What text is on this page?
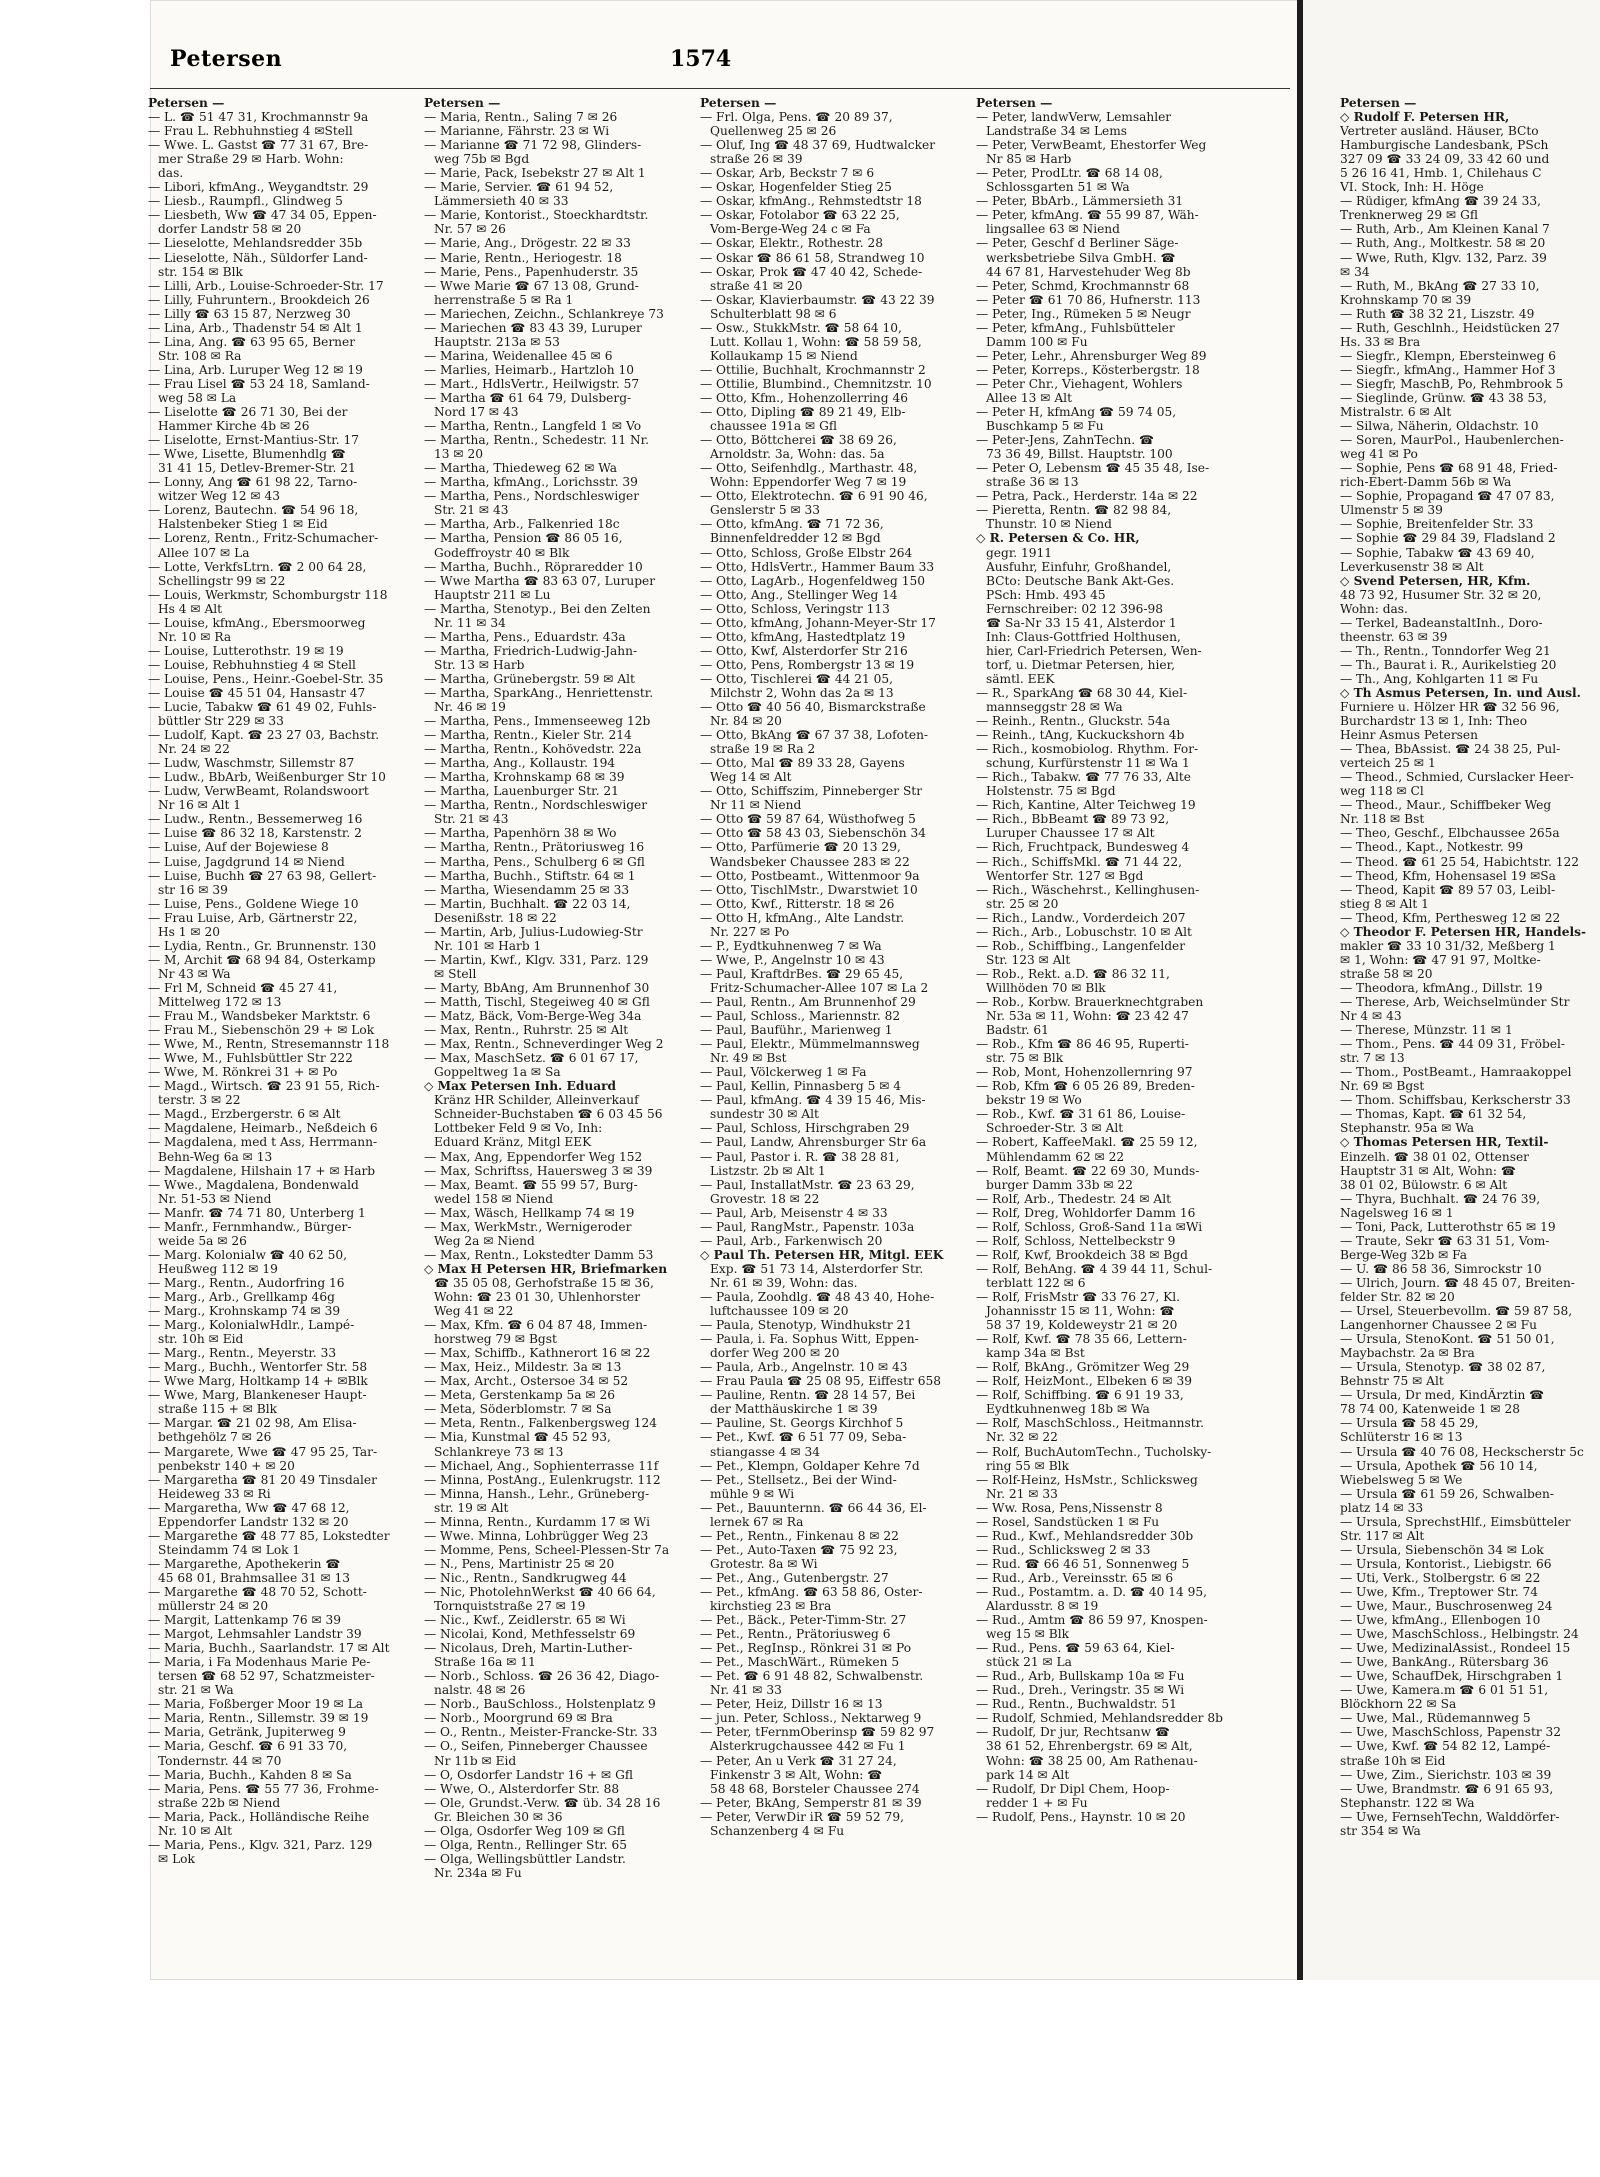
Petersen	1574
Petersen —
— L. ☎ 51 47 31, Krochmannstr 9a
— Frau L. Rebhuhnstieg 4 ✉Stell
— Wwe. L. Gastst ☎ 77 31 67, Bre-
mer Straße 29 ✉ Harb. Wohn:
das.
— Libori, kfmAng., Weygandtstr. 29
— Liesb., Raumpfl., Glindweg 5
— Liesbeth, Ww ☎ 47 34 05, Eppen-
dorfer Landstr 58 ✉ 20
— Lieselotte, Mehlandsredder 35b
— Lieselotte, Näh., Süldorfer Land-
str. 154 ✉ Blk
— Lilli, Arb., Louise-Schroeder-Str. 17
— Lilly, Fuhruntern., Brookdeich 26
— Lilly ☎ 63 15 87, Nerzweg 30
— Lina, Arb., Thadenstr 54 ✉ Alt 1
— Lina, Ang. ☎ 63 95 65, Berner
Str. 108 ✉ Ra
— Lina, Arb. Luruper Weg 12 ✉ 19
— Frau Lisel ☎ 53 24 18, Samland-
weg 58 ✉ La
— Liselotte ☎ 26 71 30, Bei der
Hammer Kirche 4b ✉ 26
— Liselotte, Ernst-Mantius-Str. 17
— Wwe, Lisette, Blumenhdlg ☎
31 41 15, Detlev-Bremer-Str. 21
— Lonny, Ang ☎ 61 98 22, Tarno-
witzer Weg 12 ✉ 43
— Lorenz, Bautechn. ☎ 54 96 18,
Halstenbeker Stieg 1 ✉ Eid
— Lorenz, Rentn., Fritz-Schumacher-
Allee 107 ✉ La
— Lotte, VerkfsLtrn. ☎ 2 00 64 28,
Schellingstr 99 ✉ 22
— Louis, Werkmstr, Schomburgstr 118
Hs 4 ✉ Alt
— Louise, kfmAng., Ebersmoorweg
Nr. 10 ✉ Ra
— Louise, Lutterothstr. 19 ✉ 19
— Louise, Rebhuhnstieg 4 ✉ Stell
— Louise, Pens., Heinr.-Goebel-Str. 35
— Louise ☎ 45 51 04, Hansastr 47
— Lucie, Tabakw ☎ 61 49 02, Fuhls-
büttler Str 229 ✉ 33
— Ludolf, Kapt. ☎ 23 27 03, Bachstr.
Nr. 24 ✉ 22
— Ludw, Waschmstr, Sillemstr 87
— Ludw., BbArb, Weißenburger Str 10
— Ludw, VerwBeamt, Rolandswoort
Nr 16 ✉ Alt 1
— Ludw., Rentn., Bessemerweg 16
— Luise ☎ 86 32 18, Karstenstr. 2
— Luise, Auf der Bojewiese 8
— Luise, Jagdgrund 14 ✉ Niend
— Luise, Buchh ☎ 27 63 98, Gellert-
str 16 ✉ 39
— Luise, Pens., Goldene Wiege 10
— Frau Luise, Arb, Gärtnerstr 22,
Hs 1 ✉ 20
— Lydia, Rentn., Gr. Brunnenstr. 130
— M, Archit ☎ 68 94 84, Osterkamp
Nr 43 ✉ Wa
— Frl M, Schneid ☎ 45 27 41,
Mittelweg 172 ✉ 13
— Frau M., Wandsbeker Marktstr. 6
— Frau M., Siebenschön 29 + ✉ Lok
— Wwe, M., Rentn, Stresemannstr 118
— Wwe, M., Fuhlsbüttler Str 222
— Wwe, M. Rönkrei 31 + ✉ Po
— Magd., Wirtsch. ☎ 23 91 55, Rich-
terstr. 3 ✉ 22
— Magd., Erzbergerstr. 6 ✉ Alt
— Magdalene, Heimarb., Neßdeich 6
— Magdalena, med t Ass, Herrmann-
Behn-Weg 6a ✉ 13
— Magdalene, Hilshain 17 + ✉ Harb
— Wwe., Magdalena, Bondenwald
Nr. 51-53 ✉ Niend
— Manfr. ☎ 74 71 80, Unterberg 1
— Manfr., Fernmhandw., Bürger-
weide 5a ✉ 26
— Marg. Kolonialw ☎ 40 62 50,
Heußweg 112 ✉ 19
— Marg., Rentn., Audorfring 16
— Marg., Arb., Grellkamp 46g
— Marg., Krohnskamp 74 ✉ 39
— Marg., KolonialwHdlr., Lampé-
str. 10h ✉ Eid
— Marg., Rentn., Meyerstr. 33
— Marg., Buchh., Wentorfer Str. 58
— Wwe Marg, Holtkamp 14 + ✉Blk
— Wwe, Marg, Blankeneser Haupt-
straße 115 + ✉ Blk
— Margar. ☎ 21 02 98, Am Elisa-
bethgehölz 7 ✉ 26
— Margarete, Wwe ☎ 47 95 25, Tar-
penbekstr 140 + ✉ 20
— Margaretha ☎ 81 20 49 Tinsdaler
Heideweg 33 ✉ Ri
— Margaretha, Ww ☎ 47 68 12,
Eppendorfer Landstr 132 ✉ 20
— Margarethe ☎ 48 77 85, Lokstedter
Steindamm 74 ✉ Lok 1
— Margarethe, Apothekerin ☎
45 68 01, Brahmsallee 31 ✉ 13
— Margarethe ☎ 48 70 52, Schott-
müllerstr 24 ✉ 20
— Margit, Lattenkamp 76 ✉ 39
— Margot, Lehmsahler Landstr 39
— Maria, Buchh., Saarlandstr. 17 ✉ Alt
— Maria, i Fa Modenhaus Marie Pe-
tersen ☎ 68 52 97, Schatzmeister-
str. 21 ✉ Wa
— Maria, Foßberger Moor 19 ✉ La
— Maria, Rentn., Sillemstr. 39 ✉ 19
— Maria, Getränk, Jupiterweg 9
— Maria, Geschf. ☎ 6 91 33 70,
Tondernstr. 44 ✉ 70
— Maria, Buchh., Kahden 8 ✉ Sa
— Maria, Pens. ☎ 55 77 36, Frohme-
straße 22b ✉ Niend
— Maria, Pack., Holländische Reihe
Nr. 10 ✉ Alt
— Maria, Pens., Klgv. 321, Parz. 129
✉ Lok
Petersen —
— Maria, Rentn., Saling 7 ✉ 26
— Marianne, Fährstr. 23 ✉ Wi
— Marianne ☎ 71 72 98, Glinders-
weg 75b ✉ Bgd
— Marie, Pack, Isebekstr 27 ✉ Alt 1
— Marie, Servier. ☎ 61 94 52,
Lämmersieth 40 ✉ 33
— Marie, Kontorist., Stoeckhardtstr.
Nr. 57 ✉ 26
— Marie, Ang., Drögestr. 22 ✉ 33
— Marie, Rentn., Heriogestr. 18
— Marie, Pens., Papenhuderstr. 35
— Wwe Marie ☎ 67 13 08, Grund-
herrenstraße 5 ✉ Ra 1
— Mariechen, Zeichn., Schlankreye 73
— Mariechen ☎ 83 43 39, Luruper
Hauptstr. 213a ✉ 53
— Marina, Weidenallee 45 ✉ 6
— Marlies, Heimarb., Hartzloh 10
— Mart., HdlsVertr., Heilwigstr. 57
— Martha ☎ 61 64 79, Dulsberg-
Nord 17 ✉ 43
— Martha, Rentn., Langfeld 1 ✉ Vo
— Martha, Rentn., Schedestr. 11 Nr.
13 ✉ 20
— Martha, Thiedeweg 62 ✉ Wa
— Martha, kfmAng., Lorichsstr. 39
— Martha, Pens., Nordschleswiger
Str. 21 ✉ 43
— Martha, Arb., Falkenried 18c
— Martha, Pension ☎ 86 05 16,
Godeffroystr 40 ✉ Blk
— Martha, Buchh., Röpraredder 10
— Wwe Martha ☎ 83 63 07, Luruper
Hauptstr 211 ✉ Lu
— Martha, Stenotyp., Bei den Zelten
Nr. 11 ✉ 34
— Martha, Pens., Eduardstr. 43a
— Martha, Friedrich-Ludwig-Jahn-
Str. 13 ✉ Harb
— Martha, Grünebergstr. 59 ✉ Alt
— Martha, SparkAng., Henriettenstr.
Nr. 46 ✉ 19
— Martha, Pens., Immenseeweg 12b
— Martha, Rentn., Kieler Str. 214
— Martha, Rentn., Kohövedstr. 22a
— Martha, Ang., Kollaustr. 194
— Martha, Krohnskamp 68 ✉ 39
— Martha, Lauenburger Str. 21
— Martha, Rentn., Nordschleswiger
Str. 21 ✉ 43
— Martha, Papenhörn 38 ✉ Wo
— Martha, Rentn., Prätoriusweg 16
— Martha, Pens., Schulberg 6 ✉ Gfl
— Martha, Buchh., Stiftstr. 64 ✉ 1
— Martha, Wiesendamm 25 ✉ 33
— Martin, Buchhalt. ☎ 22 03 14,
Desenißstr. 18 ✉ 22
— Martin, Arb, Julius-Ludowieg-Str
Nr. 101 ✉ Harb 1
— Martin, Kwf., Klgv. 331, Parz. 129
✉ Stell
— Marty, BbAng, Am Brunnenhof 30
— Matth, Tischl, Stegeiweg 40 ✉ Gfl
— Matz, Bäck, Vom-Berge-Weg 34a
— Max, Rentn., Ruhrstr. 25 ✉ Alt
— Max, Rentn., Schneverdinger Weg 2
— Max, MaschSetz. ☎ 6 01 67 17,
Goppeltweg 1a ✉ Sa
◇ Max Petersen Inh. Eduard
Kränz HR Schilder, Alleinverkauf
Schneider-Buchstaben ☎ 6 03 45 56
Lottbeker Feld 9 ✉ Vo, Inh:
Eduard Kränz, Mitgl EEK
— Max, Ang, Eppendorfer Weg 152
— Max, Schriftss, Hauersweg 3 ✉ 39
— Max, Beamt. ☎ 55 99 57, Burg-
wedel 158 ✉ Niend
— Max, Wäsch, Hellkamp 74 ✉ 19
— Max, WerkMstr., Wernigeroder
Weg 2a ✉ Niend
— Max, Rentn., Lokstedter Damm 53
◇ Max H Petersen HR, Briefmarken
☎ 35 05 08, Gerhofstraße 15 ✉ 36,
Wohn: ☎ 23 01 30, Uhlenhorster
Weg 41 ✉ 22
— Max, Kfm. ☎ 6 04 87 48, Immen-
horstweg 79 ✉ Bgst
— Max, Schiffb., Kathnerort 16 ✉ 22
— Max, Heiz., Mildestr. 3a ✉ 13
— Max, Archt., Ostersoe 34 ✉ 52
— Meta, Gerstenkamp 5a ✉ 26
— Meta, Söderblomstr. 7 ✉ Sa
— Meta, Rentn., Falkenbergsweg 124
— Mia, Kunstmal ☎ 45 52 93,
Schlankreye 73 ✉ 13
— Michael, Ang., Sophienterrasse 11f
— Minna, PostAng., Eulenkrugstr. 112
— Minna, Hansh., Lehr., Grüneberg-
str. 19 ✉ Alt
— Minna, Rentn., Kurdamm 17 ✉ Wi
— Wwe. Minna, Lohbrügger Weg 23
— Momme, Pens, Scheel-Plessen-Str 7a
— N., Pens, Martinistr 25 ✉ 20
— Nic., Rentn., Sandkrugweg 44
— Nic, PhotolehnWerkst ☎ 40 66 64,
Tornquiststraße 27 ✉ 19
— Nic., Kwf., Zeidlerstr. 65 ✉ Wi
— Nicolai, Kond, Methfesselstr 69
— Nicolaus, Dreh, Martin-Luther-
Straße 16a ✉ 11
— Norb., Schloss. ☎ 26 36 42, Diago-
nalstr. 48 ✉ 26
— Norb., BauSchloss., Holstenplatz 9
— Norb., Moorgrund 69 ✉ Bra
— O., Rentn., Meister-Francke-Str. 33
— O., Seifen, Pinneberger Chaussee
Nr 11b ✉ Eid
— O, Osdorfer Landstr 16 + ✉ Gfl
— Wwe, O., Alsterdorfer Str. 88
— Ole, Grundst.-Verw. ☎ üb. 34 28 16
Gr. Bleichen 30 ✉ 36
— Olga, Osdorfer Weg 109 ✉ Gfl
— Olga, Rentn., Rellinger Str. 65
— Olga, Wellingsbüttler Landstr.
Nr. 234a ✉ Fu
Petersen —
— Frl. Olga, Pens. ☎ 20 89 37,
Quellenweg 25 ✉ 26
— Oluf, Ing ☎ 48 37 69, Hudtwalcker
straße 26 ✉ 39
— Oskar, Arb, Beckstr 7 ✉ 6
— Oskar, Hogenfelder Stieg 25
— Oskar, kfmAng., Rehmstedtstr 18
— Oskar, Fotolabor ☎ 63 22 25,
Vom-Berge-Weg 24 c ✉ Fa
— Oskar, Elektr., Rothestr. 28
— Oskar ☎ 86 61 58, Strandweg 10
— Oskar, Prok ☎ 47 40 42, Schede-
straße 41 ✉ 20
— Oskar, Klavierbaumstr. ☎ 43 22 39
Schulterblatt 98 ✉ 6
— Osw., StukkMstr. ☎ 58 64 10,
Lutt. Kollau 1, Wohn: ☎ 58 59 58,
Kollaukamp 15 ✉ Niend
— Ottilie, Buchhalt, Krochmannstr 2
— Ottilie, Blumbind., Chemnitzstr. 10
— Otto, Kfm., Hohenzollerring 46
— Otto, Dipling ☎ 89 21 49, Elb-
chaussee 191a ✉ Gfl
— Otto, Böttcherei ☎ 38 69 26,
Arnoldstr. 3a, Wohn: das. 5a
— Otto, Seifenhdlg., Marthastr. 48,
Wohn: Eppendorfer Weg 7 ✉ 19
— Otto, Elektrotechn. ☎ 6 91 90 46,
Genslerstr 5 ✉ 33
— Otto, kfmAng. ☎ 71 72 36,
Binnenfeldredder 12 ✉ Bgd
— Otto, Schloss, Große Elbstr 264
— Otto, HdlsVertr., Hammer Baum 33
— Otto, LagArb., Hogenfeldweg 150
— Otto, Ang., Stellinger Weg 14
— Otto, Schloss, Veringstr 113
— Otto, kfmAng, Johann-Meyer-Str 17
— Otto, kfmAng, Hastedtplatz 19
— Otto, Kwf, Alsterdorfer Str 216
— Otto, Pens, Rombergstr 13 ✉ 19
— Otto, Tischlerei ☎ 44 21 05,
Milchstr 2, Wohn das 2a ✉ 13
— Otto ☎ 40 56 40, Bismarckstraße
Nr. 84 ✉ 20
— Otto, BkAng ☎ 67 37 38, Lofoten-
straße 19 ✉ Ra 2
— Otto, Mal ☎ 89 33 28, Gayens
Weg 14 ✉ Alt
— Otto, Schiffszim, Pinneberger Str
Nr 11 ✉ Niend
— Otto ☎ 59 87 64, Wüsthofweg 5
— Otto ☎ 58 43 03, Siebenschön 34
— Otto, Parfümerie ☎ 20 13 29,
Wandsbeker Chaussee 283 ✉ 22
— Otto, Postbeamt., Wittenmoor 9a
— Otto, TischlMstr., Dwarstwiet 10
— Otto, Kwf., Ritterstr. 18 ✉ 26
— Otto H, kfmAng., Alte Landstr.
Nr. 227 ✉ Po
— P., Eydtkuhnenweg 7 ✉ Wa
— Wwe, P., Angelnstr 10 ✉ 43
— Paul, KraftdrBes. ☎ 29 65 45,
Fritz-Schumacher-Allee 107 ✉ La 2
— Paul, Rentn., Am Brunnenhof 29
— Paul, Schloss., Mariennstr. 82
— Paul, Bauführ., Marienweg 1
— Paul, Elektr., Mümmelmannsweg
Nr. 49 ✉ Bst
— Paul, Völckerweg 1 ✉ Fa
— Paul, Kellin, Pinnasberg 5 ✉ 4
— Paul, kfmAng. ☎ 4 39 15 46, Mis-
sundestr 30 ✉ Alt
— Paul, Schloss, Hirschgraben 29
— Paul, Landw, Ahrensburger Str 6a
— Paul, Pastor i. R. ☎ 38 28 81,
Listzstr. 2b ✉ Alt 1
— Paul, InstallatMstr. ☎ 23 63 29,
Grovestr. 18 ✉ 22
— Paul, Arb, Meisenstr 4 ✉ 33
— Paul, RangMstr., Papenstr. 103a
— Paul, Arb., Farkenwisch 20
◇ Paul Th. Petersen HR, Mitgl. EEK
Exp. ☎ 51 73 14, Alsterdorfer Str.
Nr. 61 ✉ 39, Wohn: das.
— Paula, Zoohdlg. ☎ 48 43 40, Hohe-
luftchaussee 109 ✉ 20
— Paula, Stenotyp, Windhukstr 21
— Paula, i. Fa. Sophus Witt, Eppen-
dorfer Weg 200 ✉ 20
— Paula, Arb., Angelnstr. 10 ✉ 43
— Frau Paula ☎ 25 08 95, Eiffestr 658
— Pauline, Rentn. ☎ 28 14 57, Bei
der Matthäuskirche 1 ✉ 39
— Pauline, St. Georgs Kirchhof 5
— Pet., Kwf. ☎ 6 51 77 09, Seba-
stiangasse 4 ✉ 34
— Pet., Klempn, Goldaper Kehre 7d
— Pet., Stellsetz., Bei der Wind-
mühle 9 ✉ Wi
— Pet., Bauunternn. ☎ 66 44 36, El-
lernek 67 ✉ Ra
— Pet., Rentn., Finkenau 8 ✉ 22
— Pet., Auto-Taxen ☎ 75 92 23,
Grotestr. 8a ✉ Wi
— Pet., Ang., Gutenbergstr. 27
— Pet., kfmAng. ☎ 63 58 86, Oster-
kirchstieg 23 ✉ Bra
— Pet., Bäck., Peter-Timm-Str. 27
— Pet., Rentn., Prätoriusweg 6
— Pet., RegInsp., Rönkrei 31 ✉ Po
— Pet., MaschWärt., Rümeken 5
— Pet. ☎ 6 91 48 82, Schwalbenstr.
Nr. 41 ✉ 33
— Peter, Heiz, Dillstr 16 ✉ 13
— jun. Peter, Schloss., Nektarweg 9
— Peter, tFernmOberinsp ☎ 59 82 97
Alsterkrugchaussee 442 ✉ Fu 1
— Peter, An u Verk ☎ 31 27 24,
Finkenstr 3 ✉ Alt, Wohn: ☎
58 48 68, Borsteler Chaussee 274
— Peter, BkAng, Semperstr 81 ✉ 39
— Peter, VerwDir iR ☎ 59 52 79,
Schanzenberg 4 ✉ Fu
Petersen —
— Peter, landwVerw, Lemsahler
Landstraße 34 ✉ Lems
— Peter, VerwBeamt, Ehestorfer Weg
Nr 85 ✉ Harb
— Peter, ProdLtr. ☎ 68 14 08,
Schlossgarten 51 ✉ Wa
— Peter, BbArb., Lämmersieth 31
— Peter, kfmAng. ☎ 55 99 87, Wäh-
lingsallee 63 ✉ Niend
— Peter, Geschf d Berliner Säge-
werksbetriebe Silva GmbH. ☎
44 67 81, Harvestehuder Weg 8b
— Peter, Schmd, Krochmannstr 68
— Peter ☎ 61 70 86, Hufnerstr. 113
— Peter, Ing., Rümeken 5 ✉ Neugr
— Peter, kfmAng., Fuhlsbütteler
Damm 100 ✉ Fu
— Peter, Lehr., Ahrensburger Weg 89
— Peter, Korreps., Kösterbergstr. 18
— Peter Chr., Viehagent, Wohlers
Allee 13 ✉ Alt
— Peter H, kfmAng ☎ 59 74 05,
Buschkamp 5 ✉ Fu
— Peter-Jens, ZahnTechn. ☎
73 36 49, Billst. Hauptstr. 100
— Peter O, Lebensm ☎ 45 35 48, Ise-
straße 36 ✉ 13
— Petra, Pack., Herderstr. 14a ✉ 22
— Pieretta, Rentn. ☎ 82 98 84,
Thunstr. 10 ✉ Niend
◇ R. Petersen & Co. HR,
gegr. 1911
Ausfuhr, Einfuhr, Großhandel,
BCto: Deutsche Bank Akt-Ges.
PSch: Hmb. 493 45
Fernschreiber: 02 12 396-98
☎ Sa-Nr 33 15 41, Alsterdor 1
Inh: Claus-Gottfried Holthusen,
hier, Carl-Friedrich Petersen, Wen-
torf, u. Dietmar Petersen, hier,
sämtl. EEK
— R., SparkAng ☎ 68 30 44, Kiel-
mannseggstr 28 ✉ Wa
— Reinh., Rentn., Gluckstr. 54a
— Reinh., tAng, Kuckuckshorn 4b
— Rich., kosmobiolog. Rhythm. For-
schung, Kurfürstenstr 11 ✉ Wa 1
— Rich., Tabakw. ☎ 77 76 33, Alte
Holstenstr. 75 ✉ Bgd
— Rich, Kantine, Alter Teichweg 19
— Rich., BbBeamt ☎ 89 73 92,
Luruper Chaussee 17 ✉ Alt
— Rich, Fruchtpack, Bundesweg 4
— Rich., SchiffsMkl. ☎ 71 44 22,
Wentorfer Str. 127 ✉ Bgd
— Rich., Wäschehrst., Kellinghusen-
str. 25 ✉ 20
— Rich., Landw., Vorderdeich 207
— Rich., Arb., Lobuschstr. 10 ✉ Alt
— Rob., Schiffbing., Langenfelder
Str. 123 ✉ Alt
— Rob., Rekt. a.D. ☎ 86 32 11,
Willhöden 70 ✉ Blk
— Rob., Korbw. Brauerknechtgraben
Nr. 53a ✉ 11, Wohn: ☎ 23 42 47
Badstr. 61
— Rob., Kfm ☎ 86 46 95, Ruperti-
str. 75 ✉ Blk
— Rob, Mont, Hohenzollernring 97
— Rob, Kfm ☎ 6 05 26 89, Breden-
bekstr 19 ✉ Wo
— Rob., Kwf. ☎ 31 61 86, Louise-
Schroeder-Str. 3 ✉ Alt
— Robert, KaffeeMakl. ☎ 25 59 12,
Mühlendamm 62 ✉ 22
— Rolf, Beamt. ☎ 22 69 30, Munds-
burger Damm 33b ✉ 22
— Rolf, Arb., Thedestr. 24 ✉ Alt
— Rolf, Dreg, Wohldorfer Damm 16
— Rolf, Schloss, Groß-Sand 11a ✉Wi
— Rolf, Schloss, Nettelbeckstr 9
— Rolf, Kwf, Brookdeich 38 ✉ Bgd
— Rolf, BehAng. ☎ 4 39 44 11, Schul-
terblatt 122 ✉ 6
— Rolf, FrisMstr ☎ 33 76 27, Kl.
Johannisstr 15 ✉ 11, Wohn: ☎
58 37 19, Koldeweystr 21 ✉ 20
— Rolf, Kwf. ☎ 78 35 66, Lettern-
kamp 34a ✉ Bst
— Rolf, BkAng., Grömitzer Weg 29
— Rolf, HeizMont., Elbeken 6 ✉ 39
— Rolf, Schiffbing. ☎ 6 91 19 33,
Eydtkuhnenweg 18b ✉ Wa
— Rolf, MaschSchloss., Heitmannstr.
Nr. 32 ✉ 22
— Rolf, BuchAutomTechn., Tucholsky-
ring 55 ✉ Blk
— Rolf-Heinz, HsMstr., Schlicksweg
Nr. 21 ✉ 33
— Ww. Rosa, Pens,Nissenstr 8
— Rosel, Sandstücken 1 ✉ Fu
— Rud., Kwf., Mehlandsredder 30b
— Rud., Schlicksweg 2 ✉ 33
— Rud. ☎ 66 46 51, Sonnenweg 5
— Rud., Arb., Vereinsstr. 65 ✉ 6
— Rud., Postamtm. a. D. ☎ 40 14 95,
Alardusstr. 8 ✉ 19
— Rud., Amtm ☎ 86 59 97, Knospen-
weg 15 ✉ Blk
— Rud., Pens. ☎ 59 63 64, Kiel-
stück 21 ✉ La
— Rud., Arb, Bullskamp 10a ✉ Fu
— Rud., Dreh., Veringstr. 35 ✉ Wi
— Rud., Rentn., Buchwaldstr. 51
— Rudolf, Schmied, Mehlandsredder 8b
— Rudolf, Dr jur, Rechtsanw ☎
38 61 52, Ehrenbergstr. 69 ✉ Alt,
Wohn: ☎ 38 25 00, Am Rathenau-
park 14 ✉ Alt
— Rudolf, Dr Dipl Chem, Hoop-
redder 1 + ✉ Fu
— Rudolf, Pens., Haynstr. 10 ✉ 20
Petersen —
◇ Rudolf F. Petersen HR,
Vertreter ausländ. Häuser, BCto
Hamburgische Landesbank, PSch
327 09 ☎ 33 24 09, 33 42 60 und
5 26 16 41, Hmb. 1, Chilehaus C
VI. Stock, Inh: H. Höge
— Rüdiger, kfmAng ☎ 39 24 33,
Trenknerweg 29 ✉ Gfl
— Ruth, Arb., Am Kleinen Kanal 7
— Ruth, Ang., Moltkestr. 58 ✉ 20
— Wwe, Ruth, Klgv. 132, Parz. 39
✉ 34
— Ruth, M., BkAng ☎ 27 33 10,
Krohnskamp 70 ✉ 39
— Ruth ☎ 38 32 21, Liszstr. 49
— Ruth, Geschlnh., Heidstücken 27
Hs. 33 ✉ Bra
— Siegfr., Klempn, Ebersteinweg 6
— Siegfr., kfmAng., Hammer Hof 3
— Siegfr, MaschB, Po, Rehmbrook 5
— Sieglinde, Grünw. ☎ 43 38 53,
Mistralstr. 6 ✉ Alt
— Silwa, Näherin, Oldachstr. 10
— Soren, MaurPol., Haubenlerchen-
weg 41 ✉ Po
— Sophie, Pens ☎ 68 91 48, Fried-
rich-Ebert-Damm 56b ✉ Wa
— Sophie, Propagand ☎ 47 07 83,
Ulmenstr 5 ✉ 39
— Sophie, Breitenfelder Str. 33
— Sophie ☎ 29 84 39, Fladsland 2
— Sophie, Tabakw ☎ 43 69 40,
Leverkusenstr 38 ✉ Alt
◇ Svend Petersen, HR, Kfm.
48 73 92, Husumer Str. 32 ✉ 20,
Wohn: das.
— Terkel, BadeanstaltInh., Doro-
theenstr. 63 ✉ 39
— Th., Rentn., Tonndorfer Weg 21
— Th., Baurat i. R., Aurikelstieg 20
— Th., Ang, Kohlgarten 11 ✉ Fu
◇ Th Asmus Petersen, In. und Ausl.
Furniere u. Hölzer HR ☎ 32 56 96,
Burchardstr 13 ✉ 1, Inh: Theo
Heinr Asmus Petersen
— Thea, BbAssist. ☎ 24 38 25, Pul-
verteich 25 ✉ 1
— Theod., Schmied, Curslacker Heer-
weg 118 ✉ Cl
— Theod., Maur., Schiffbeker Weg
Nr. 118 ✉ Bst
— Theo, Geschf., Elbchaussee 265a
— Theod., Kapt., Notkestr. 99
— Theod. ☎ 61 25 54, Habichtstr. 122
— Theod, Kfm, Hohensasel 19 ✉Sa
— Theod, Kapit ☎ 89 57 03, Leibl-
stieg 8 ✉ Alt 1
— Theod, Kfm, Perthesweg 12 ✉ 22
◇ Theodor F. Petersen HR, Handels-
makler ☎ 33 10 31/32, Meßberg 1
✉ 1, Wohn: ☎ 47 91 97, Moltke-
straße 58 ✉ 20
— Theodora, kfmAng., Dillstr. 19
— Therese, Arb, Weichselmünder Str
Nr 4 ✉ 43
— Therese, Münzstr. 11 ✉ 1
— Thom., Pens. ☎ 44 09 31, Fröbel-
str. 7 ✉ 13
— Thom., PostBeamt., Hamraakoppel
Nr. 69 ✉ Bgst
— Thom. Schiffsbau, Kerkscherstr 33
— Thomas, Kapt. ☎ 61 32 54,
Stephanstr. 95a ✉ Wa
◇ Thomas Petersen HR, Textil-
Einzelh. ☎ 38 01 02, Ottenser
Hauptstr 31 ✉ Alt, Wohn: ☎
38 01 02, Bülowstr. 6 ✉ Alt
— Thyra, Buchhalt. ☎ 24 76 39,
Nagelsweg 16 ✉ 1
— Toni, Pack, Lutterothstr 65 ✉ 19
— Traute, Sekr ☎ 63 31 51, Vom-
Berge-Weg 32b ✉ Fa
— U. ☎ 86 58 36, Simrockstr 10
— Ulrich, Journ. ☎ 48 45 07, Breiten-
felder Str. 82 ✉ 20
— Ursel, Steuerbevollm. ☎ 59 87 58,
Langenhorner Chaussee 2 ✉ Fu
— Ursula, StenoKont. ☎ 51 50 01,
Maybachstr. 2a ✉ Bra
— Ursula, Stenotyp. ☎ 38 02 87,
Behnstr 75 ✉ Alt
— Ursula, Dr med, KindÄrztin ☎
78 74 00, Katenweide 1 ✉ 28
— Ursula ☎ 58 45 29,
Schlüterstr 16 ✉ 13
— Ursula ☎ 40 76 08, Heckscherstr 5c
— Ursula, Apothek ☎ 56 10 14,
Wiebelsweg 5 ✉ We
— Ursula ☎ 61 59 26, Schwalben-
platz 14 ✉ 33
— Ursula, SprechstHlf., Eimsbütteler
Str. 117 ✉ Alt
— Ursula, Siebenschön 34 ✉ Lok
— Ursula, Kontorist., Liebigstr. 66
— Uti, Verk., Stolbergstr. 6 ✉ 22
— Uwe, Kfm., Treptower Str. 74
— Uwe, Maur., Buschrosenweg 24
— Uwe, kfmAng., Ellenbogen 10
— Uwe, MaschSchloss., Helbingstr. 24
— Uwe, MedizinalAssist., Rondeel 15
— Uwe, BankAng., Rütersbarg 36
— Uwe, SchaufDek, Hirschgraben 1
— Uwe, Kamera.m ☎ 6 01 51 51,
Blöckhorn 22 ✉ Sa
— Uwe, Mal., Rüdemannweg 5
— Uwe, MaschSchloss, Papenstr 32
— Uwe, Kwf. ☎ 54 82 12, Lampé-
straße 10h ✉ Eid
— Uwe, Zim., Sierichstr. 103 ✉ 39
— Uwe, Brandmstr. ☎ 6 91 65 93,
Stephanstr. 122 ✉ Wa
— Uwe, FernsehTechn, Walddörfer-
str 354 ✉ Wa
